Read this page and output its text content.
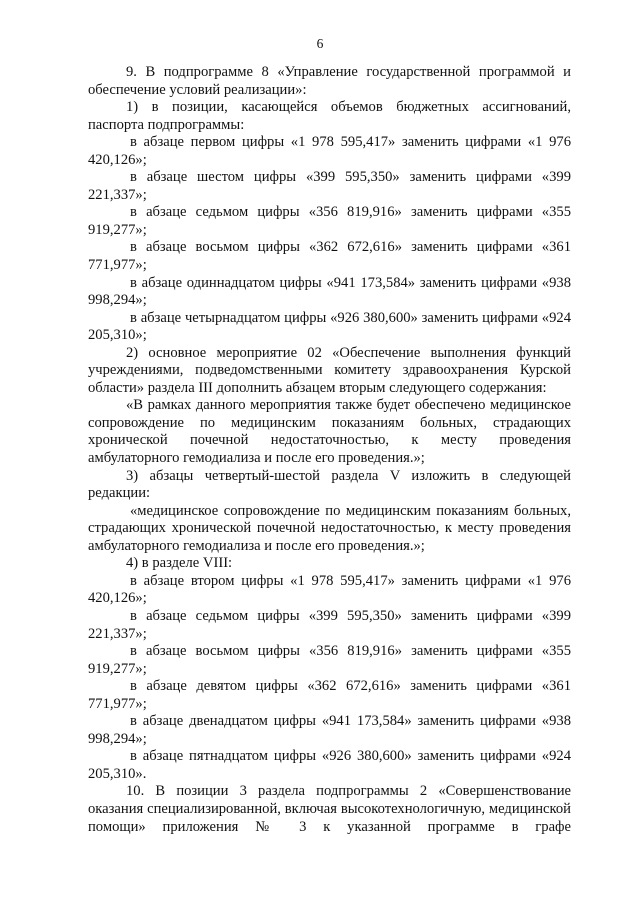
6

9. В подпрограмме 8 «Управление государственной программой и обеспечение условий реализации»:

1) в позиции, касающейся объемов бюджетных ассигнований, паспорта подпрограммы:

в абзаце первом цифры «1 978 595,417» заменить цифрами «1 976 420,126»;

в абзаце шестом цифры «399 595,350» заменить цифрами «399 221,337»;

в абзаце седьмом цифры «356 819,916» заменить цифрами «355 919,277»;

в абзаце восьмом цифры «362 672,616» заменить цифрами «361 771,977»;

в абзаце одиннадцатом цифры «941 173,584» заменить цифрами «938 998,294»;

в абзаце четырнадцатом цифры «926 380,600» заменить цифрами «924 205,310»;

2) основное мероприятие 02 «Обеспечение выполнения функций учреждениями, подведомственными комитету здравоохранения Курской области» раздела III дополнить абзацем вторым следующего содержания:

«В рамках данного мероприятия также будет обеспечено медицинское сопровождение по медицинским показаниям больных, страдающих хронической почечной недостаточностью, к месту проведения амбулаторного гемодиализа и после его проведения.»;

3) абзацы четвертый-шестой раздела V изложить в следующей редакции:

«медицинское сопровождение по медицинским показаниям больных, страдающих хронической почечной недостаточностью, к месту проведения амбулаторного гемодиализа и после его проведения.»;

4) в разделе VIII:

в абзаце втором цифры «1 978 595,417» заменить цифрами «1 976 420,126»;

в абзаце седьмом цифры «399 595,350» заменить цифрами «399 221,337»;

в абзаце восьмом цифры «356 819,916» заменить цифрами «355 919,277»;

в абзаце девятом цифры «362 672,616» заменить цифрами «361 771,977»;

в абзаце двенадцатом цифры «941 173,584» заменить цифрами «938 998,294»;

в абзаце пятнадцатом цифры «926 380,600» заменить цифрами «924 205,310».

10. В позиции 3 раздела подпрограммы 2 «Совершенствование оказания специализированной, включая высокотехнологичную, медицинской помощи» приложения № 3 к указанной программе в графе
